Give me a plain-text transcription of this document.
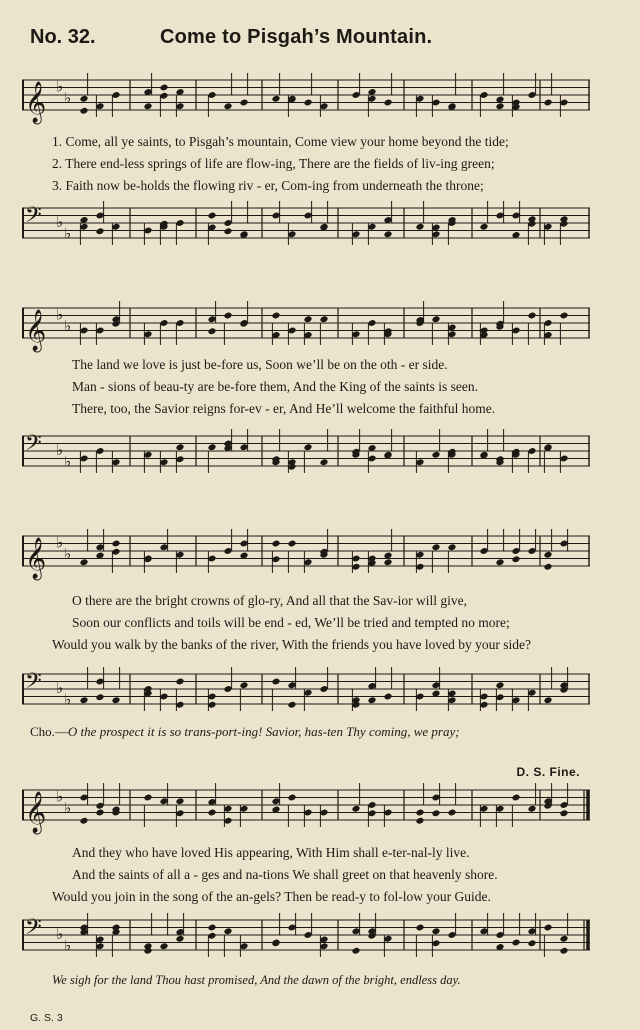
No. 32.	Come to Pisgah’s Mountain.
𝄞 ♭
♭
1. Come, all ye saints, to Pisgah’s mountain, Come view your home beyond the tide;
2. There end-less springs of life are flow-ing, There are the fields of liv-ing green;
3. Faith now be-holds the flowing riv - er, Com-ing from underneath the throne;
𝄢 ♭
♭
𝄞 ♭
♭
The land we love is just be-fore us, Soon we’ll be on the oth - er side.
Man - sions of beau-ty are be-fore them, And the King of the saints is seen.
There, too, the Savior reigns for-ev - er, And He’ll welcome the faithful home.
𝄢 ♭
♭
𝄞 ♭
♭
O there are the bright crowns of glo-ry, And all that the Sav-ior will give,
Soon our conflicts and toils will be end - ed, We’ll be tried and tempted no more;
Would you walk by the banks of the river, With the friends you have loved by your side?
𝄢 ♭
♭
Cho.—O the prospect it is so trans-port-ing! Savior, has-ten Thy coming, we pray;
D. S. Fine.
𝄞 ♭
♭
And they who have loved His appearing, With Him shall e-ter-nal-ly live.
And the saints of all a - ges and na-tions We shall greet on that heavenly shore.
Would you join in the song of the an-gels? Then be read-y to fol-low your Guide.
𝄢 ♭
♭
We sigh for the land Thou hast promised, And the dawn of the bright, endless day.
G. S. 3
